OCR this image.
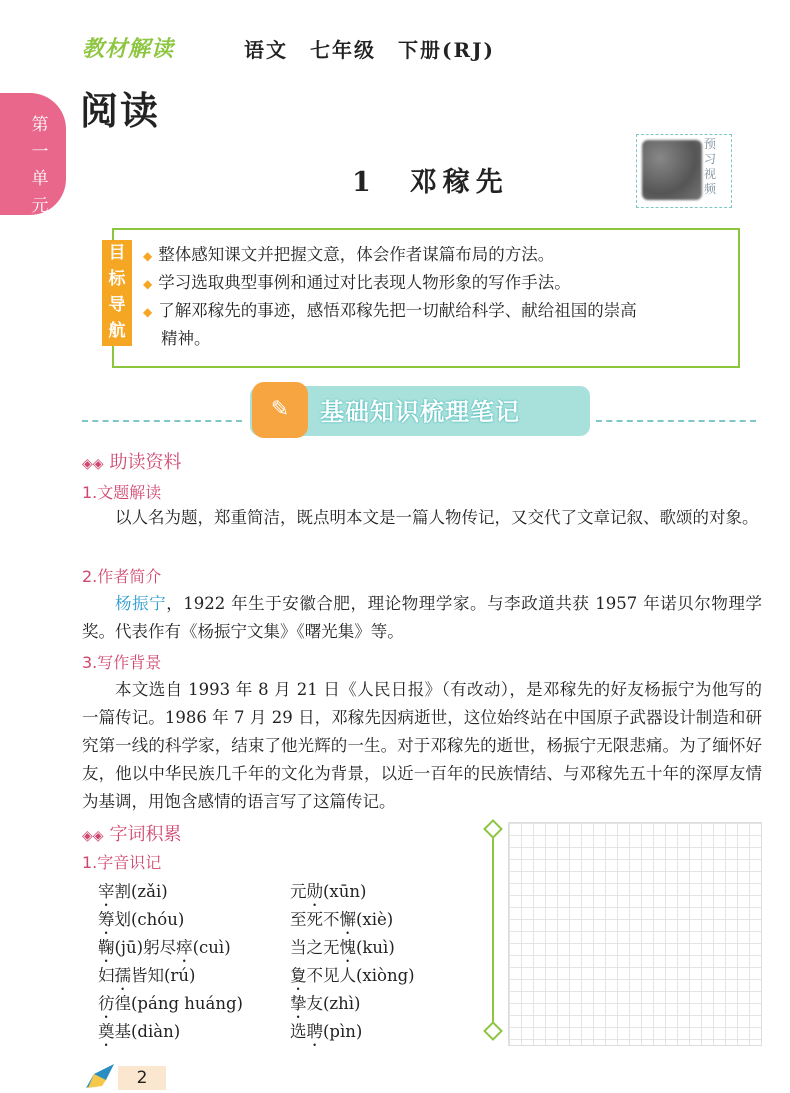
教材解读	语文　七年级　下册(RJ)
第
一
单
元
阅读
1　邓稼先
预
习
视
频
目
标
导
航
◆ 整体感知课文并把握文意，体会作者谋篇布局的方法。
◆ 学习选取典型事例和通过对比表现人物形象的写作手法。
◆ 了解邓稼先的事迹，感悟邓稼先把一切献给科学、献给祖国的崇高
精神。
✎	基础知识梳理笔记
◈◈ 助读资料
1.文题解读
以人名为题，郑重简洁，既点明本文是一篇人物传记，又交代了文章记叙、歌颂的对象。
2.作者简介
杨振宁，1922 年生于安徽合肥，理论物理学家。与李政道共获 1957 年诺贝尔物理学奖。代表作有《杨振宁文集》《曙光集》等。
3.写作背景
本文选自 1993 年 8 月 21 日《人民日报》（有改动），是邓稼先的好友杨振宁为他写的一篇传记。1986 年 7 月 29 日，邓稼先因病逝世，这位始终站在中国原子武器设计制造和研究第一线的科学家，结束了他光辉的一生。对于邓稼先的逝世，杨振宁无限悲痛。为了缅怀好友，他以中华民族几千年的文化为背景，以近一百年的民族情结、与邓稼先五十年的深厚友情为基调，用饱含感情的语言写了这篇传记。
◈◈ 字词积累
1.字音识记
宰割(zǎi)
筹划(chóu)
鞠(jū)躬尽瘁(cuì)
妇孺皆知(rú)
彷徨(páng huáng)
奠基(diàn)
元勋(xūn)
至死不懈(xiè)
当之无愧(kuì)
夐不见人(xiòng)
挚友(zhì)
选聘(pìn)
2
